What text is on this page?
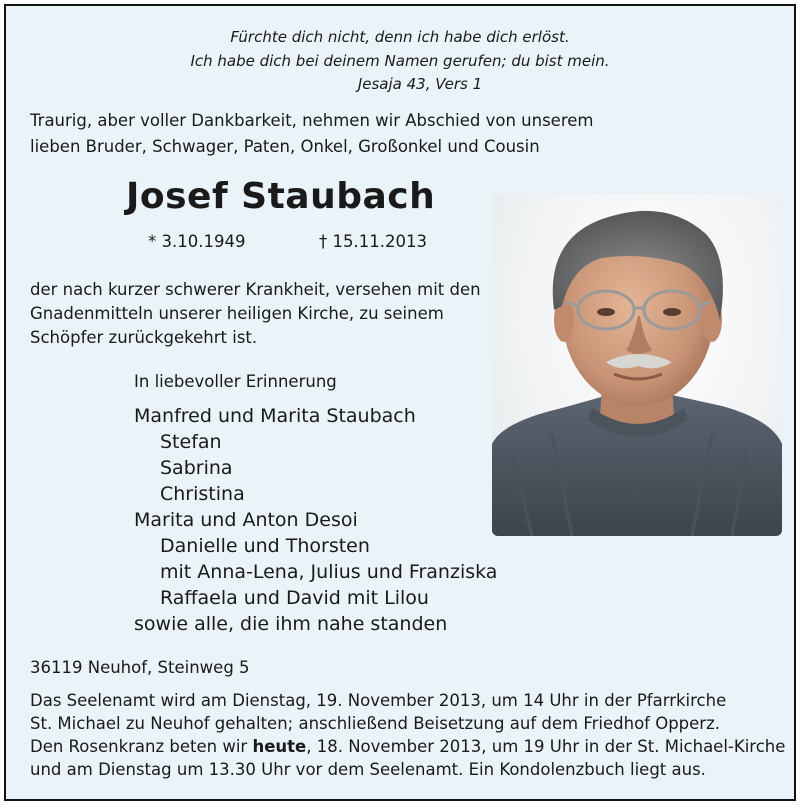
Fürchte dich nicht, denn ich habe dich erlöst.
Ich habe dich bei deinem Namen gerufen; du bist mein.
Jesaja 43, Vers 1
Traurig, aber voller Dankbarkeit, nehmen wir Abschied von unserem
lieben Bruder, Schwager, Paten, Onkel, Großonkel und Cousin
Josef Staubach
* 3.10.1949	† 15.11.2013
der nach kurzer schwerer Krankheit, versehen mit den
Gnadenmitteln unserer heiligen Kirche, zu seinem
Schöpfer zurückgekehrt ist.
In liebevoller Erinnerung
Manfred und Marita Staubach
Stefan
Sabrina
Christina
Marita und Anton Desoi
Danielle und Thorsten
mit Anna-Lena, Julius und Franziska
Raffaela und David mit Lilou
sowie alle, die ihm nahe standen
36119 Neuhof, Steinweg 5
Das Seelenamt wird am Dienstag, 19. November 2013, um 14 Uhr in der Pfarrkirche
St. Michael zu Neuhof gehalten; anschließend Beisetzung auf dem Friedhof Opperz.
Den Rosenkranz beten wir heute, 18. November 2013, um 19 Uhr in der St. Michael-Kirche
und am Dienstag um 13.30 Uhr vor dem Seelenamt. Ein Kondolenzbuch liegt aus.
